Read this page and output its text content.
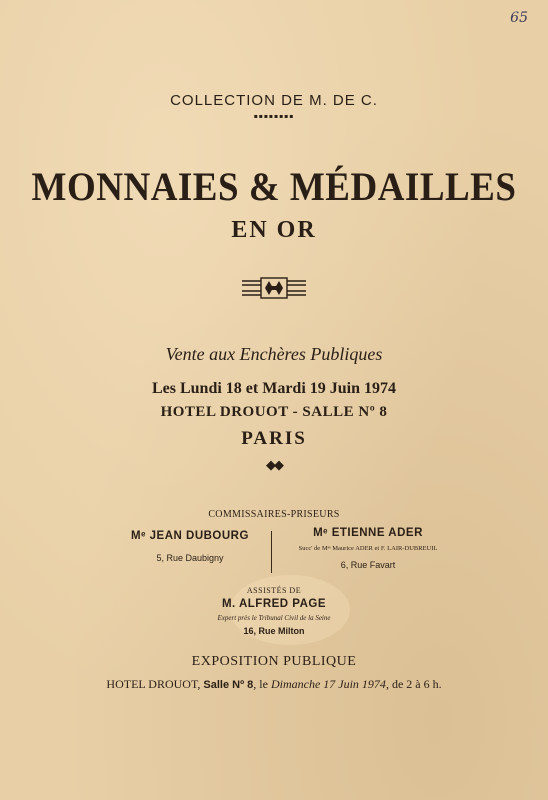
65
COLLECTION DE M. DE C.
▪▪▪▪▪▪▪▪
MONNAIES & MÉDAILLES
EN OR
Vente aux Enchères Publiques
Les Lundi 18 et Mardi 19 Juin 1974
HOTEL DROUOT - SALLE Nº 8
PARIS
◆◆
COMMISSAIRES-PRISEURS
Mᵉ JEAN DUBOURG
5, Rue Daubigny
Mᵉ ETIENNE ADER
Succ' de Mᵉˢ Maurice ADER et F. LAIR-DUBREUIL
6, Rue Favart
ASSISTÉS DE
M. ALFRED PAGE
Expert près le Tribunal Civil de la Seine
16, Rue Milton
EXPOSITION PUBLIQUE
HOTEL DROUOT, Salle Nº 8, le Dimanche 17 Juin 1974, de 2 à 6 h.
